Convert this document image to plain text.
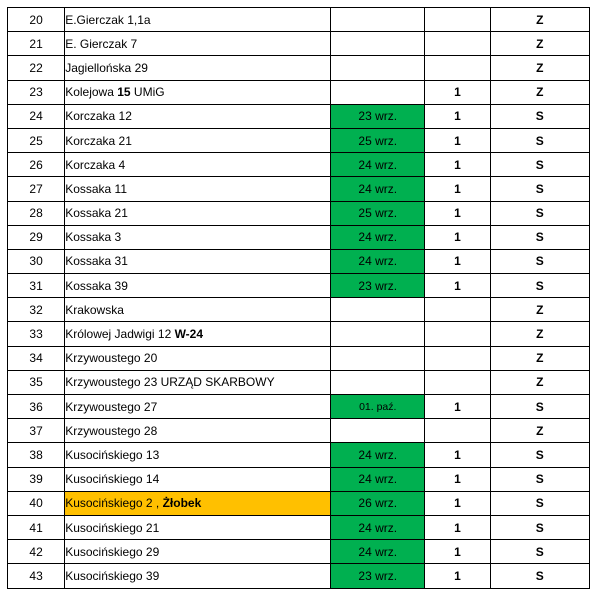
20	E.Gierczak 1,1a			Z
21	E. Gierczak 7			Z
22	Jagiellońska 29			Z
23	Kolejowa 15 UMiG		1	Z
24	Korczaka 12	23 wrz.	1	S
25	Korczaka 21	25 wrz.	1	S
26	Korczaka 4	24 wrz.	1	S
27	Kossaka 11	24 wrz.	1	S
28	Kossaka 21	25 wrz.	1	S
29	Kossaka 3	24 wrz.	1	S
30	Kossaka 31	24 wrz.	1	S
31	Kossaka 39	23 wrz.	1	S
32	Krakowska			Z
33	Królowej Jadwigi 12 W-24			Z
34	Krzywoustego 20			Z
35	Krzywoustego 23 URZĄD SKARBOWY			Z
36	Krzywoustego 27	01. paź.	1	S
37	Krzywoustego 28			Z
38	Kusocińskiego 13	24 wrz.	1	S
39	Kusocińskiego 14	24 wrz.	1	S
40	Kusocińskiego 2 , Żłobek	26 wrz.	1	S
41	Kusocińskiego 21	24 wrz.	1	S
42	Kusocińskiego 29	24 wrz.	1	S
43	Kusocińskiego 39	23 wrz.	1	S
